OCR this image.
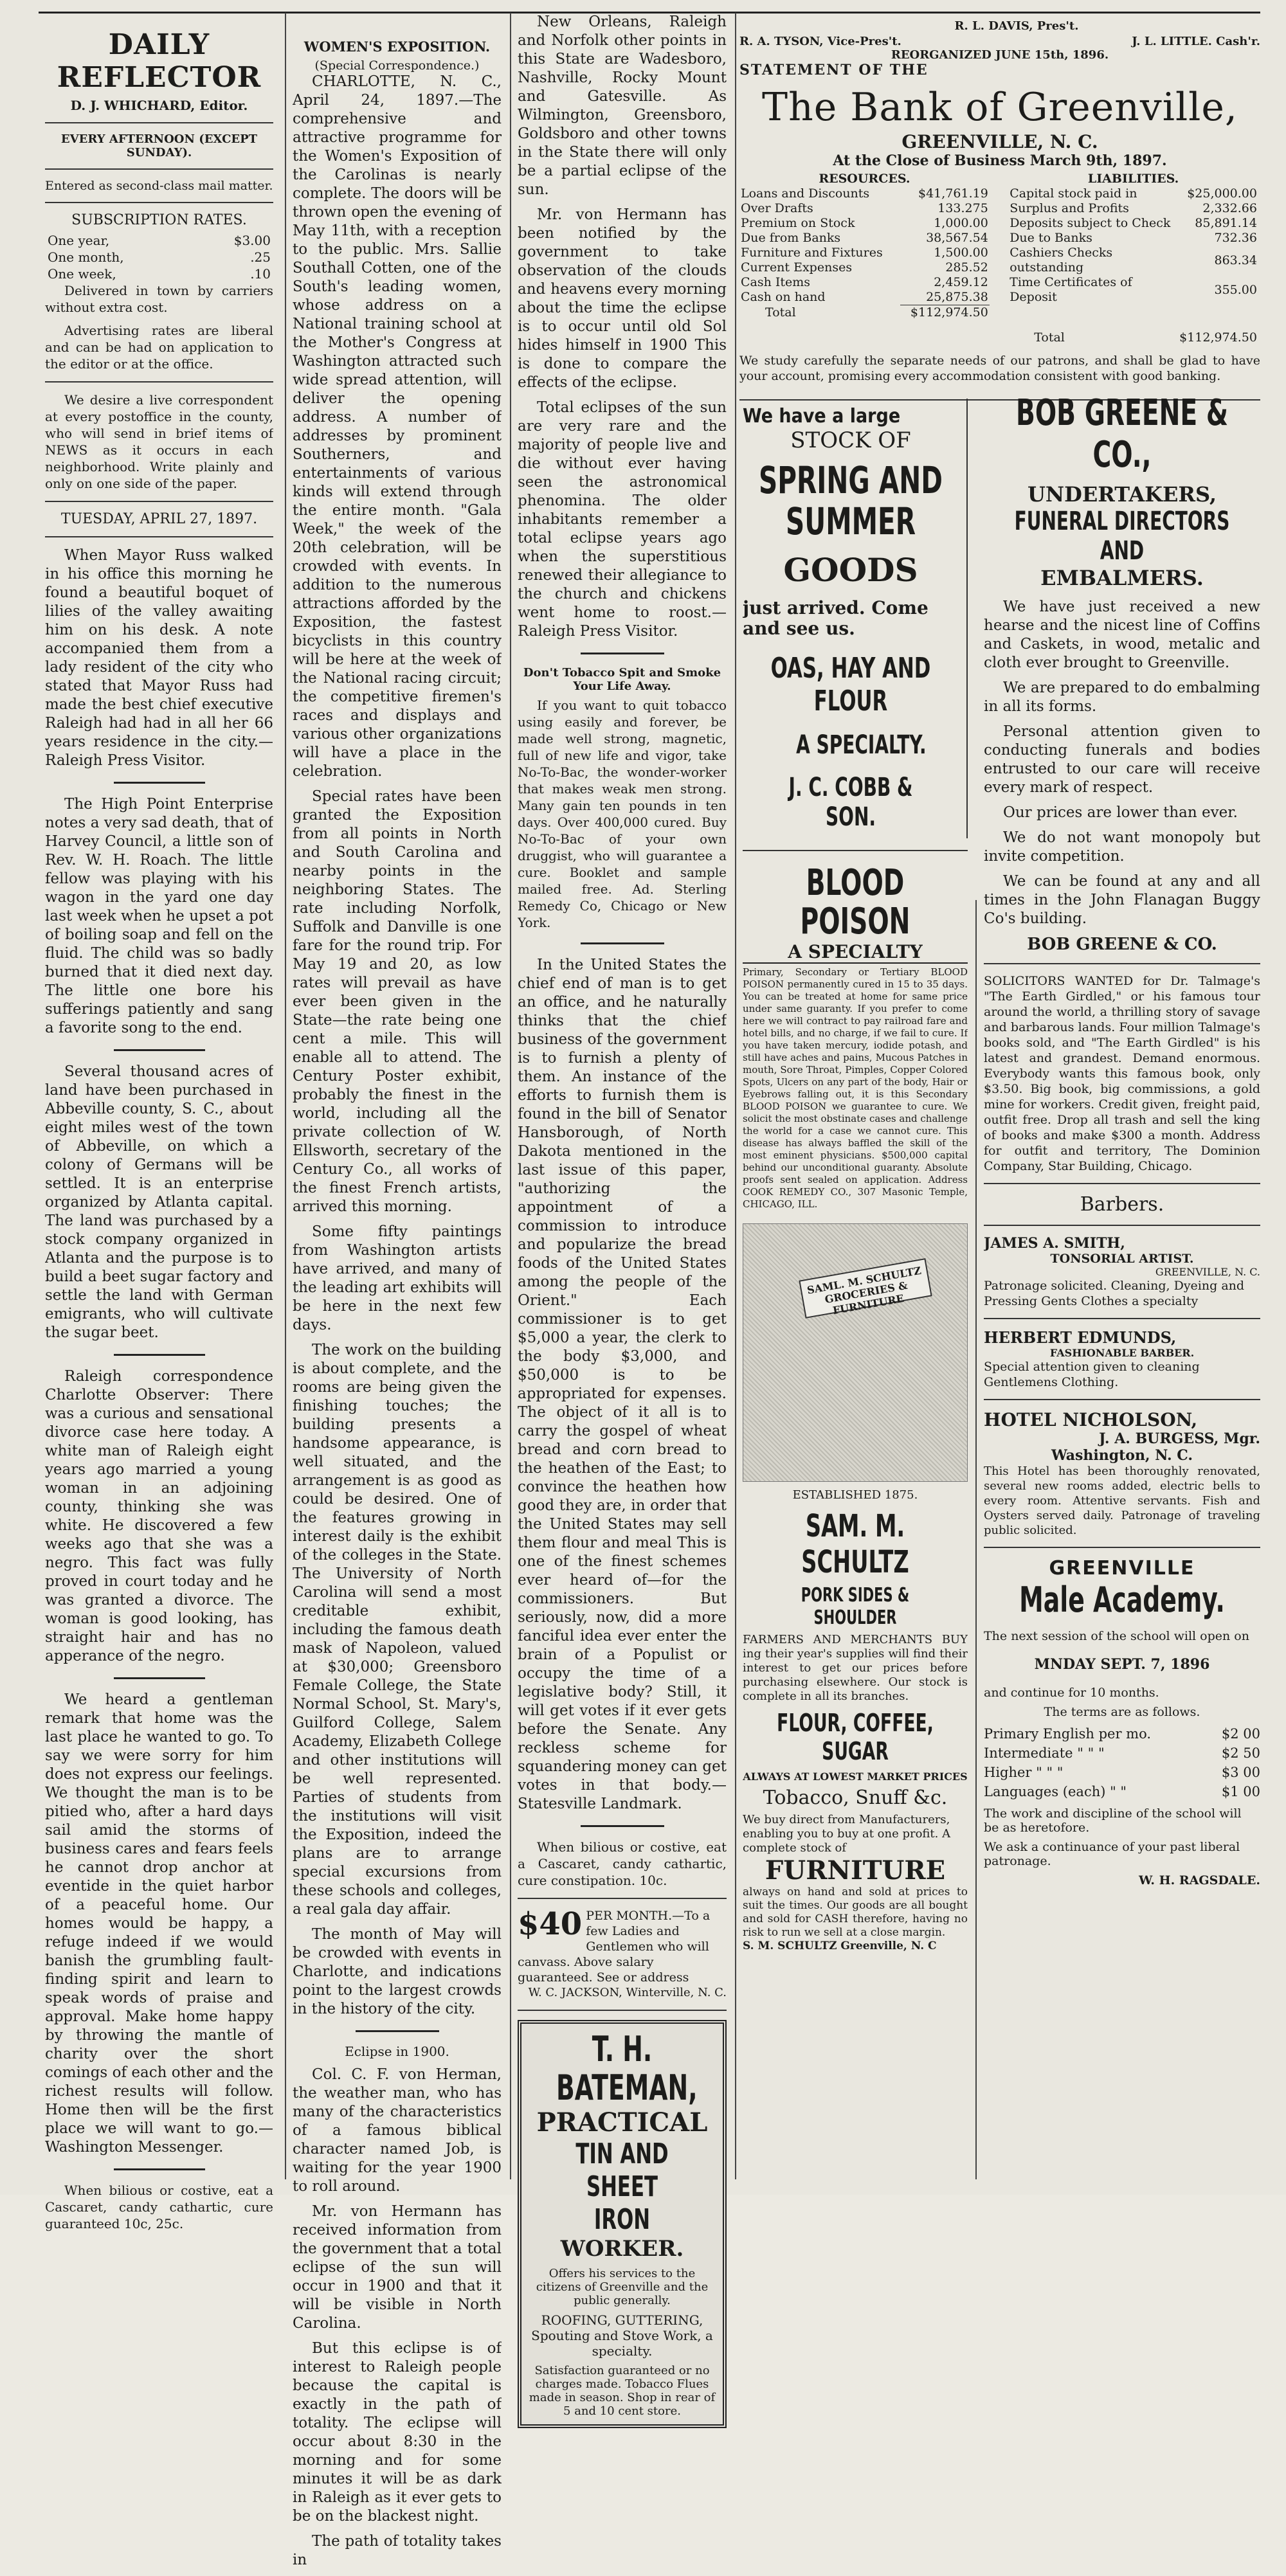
DAILY REFLECTOR
D. J. WHICHARD, Editor.
EVERY AFTERNOON (EXCEPT SUNDAY).
Entered as second-class mail matter.
SUBSCRIPTION RATES.
One year,	$3.00
One month,	.25
One week,	.10

Delivered in town by carriers without extra cost.

Advertising rates are liberal and can be had on application to the editor or at the office.

We desire a live correspondent at every postoffice in the county, who will send in brief items of NEWS as it occurs in each neighborhood. Write plainly and only on one side of the paper.

TUESDAY, APRIL 27, 1897.

When Mayor Russ walked in his office this morning he found a beautiful boquet of lilies of the valley awaiting him on his desk. A note accompanied them from a lady resident of the city who stated that Mayor Russ had made the best chief executive Raleigh had had in all her 66 years residence in the city.—Raleigh Press Visitor.

The High Point Enterprise notes a very sad death, that of Harvey Council, a little son of Rev. W. H. Roach. The little fellow was playing with his wagon in the yard one day last week when he upset a pot of boiling soap and fell on the fluid. The child was so badly burned that it died next day. The little one bore his sufferings patiently and sang a favorite song to the end.

Several thousand acres of land have been purchased in Abbeville county, S. C., about eight miles west of the town of Abbeville, on which a colony of Germans will be settled. It is an enterprise organized by Atlanta capital. The land was purchased by a stock company organized in Atlanta and the purpose is to build a beet sugar factory and settle the land with German emigrants, who will cultivate the sugar beet.

Raleigh correspondence Charlotte Observer: There was a curious and sensational divorce case here today. A white man of Raleigh eight years ago married a young woman in an adjoining county, thinking she was white. He discovered a few weeks ago that she was a negro. This fact was fully proved in court today and he was granted a divorce. The woman is good looking, has straight hair and has no apperance of the negro.

We heard a gentleman remark that home was the last place he wanted to go. To say we were sorry for him does not express our feelings. We thought the man is to be pitied who, after a hard days sail amid the storms of business cares and fears feels he cannot drop anchor at eventide in the quiet harbor of a peaceful home. Our homes would be happy, a refuge indeed if we would banish the grumbling fault-finding spirit and learn to speak words of praise and approval. Make home happy by throwing the mantle of charity over the short comings of each other and the richest results will follow. Home then will be the first place we will want to go.—Washington Messenger.

When bilious or costive, eat a Cascaret, candy cathartic, cure guaranteed 10c, 25c.

WOMEN'S EXPOSITION.
(Special Correspondence.)

CHARLOTTE, N. C., April 24, 1897.—The comprehensive and attractive programme for the Women's Exposition of the Carolinas is nearly complete. The doors will be thrown open the evening of May 11th, with a reception to the public. Mrs. Sallie Southall Cotten, one of the South's leading women, whose address on a National training school at the Mother's Congress at Washington attracted such wide spread attention, will deliver the opening address. A number of addresses by prominent Southerners, and entertainments of various kinds will extend through the entire month. "Gala Week," the week of the 20th celebration, will be crowded with events. In addition to the numerous attractions afforded by the Exposition, the fastest bicyclists in this country will be here at the week of the National racing circuit; the competitive firemen's races and displays and various other organizations will have a place in the celebration.

Special rates have been granted the Exposition from all points in North and South Carolina and nearby points in the neighboring States. The rate including Norfolk, Suffolk and Danville is one fare for the round trip. For May 19 and 20, as low rates will prevail as have ever been given in the State—the rate being one cent a mile. This will enable all to attend. The Century Poster exhibit, probably the finest in the world, including all the private collection of W. Ellsworth, secretary of the Century Co., all works of the finest French artists, arrived this morning.

Some fifty paintings from Washington artists have arrived, and many of the leading art exhibits will be here in the next few days.

The work on the building is about complete, and the rooms are being given the finishing touches; the building presents a handsome appearance, is well situated, and the arrangement is as good as could be desired. One of the features growing in interest daily is the exhibit of the colleges in the State. The University of North Carolina will send a most creditable exhibit, including the famous death mask of Napoleon, valued at $30,000; Greensboro Female College, the State Normal School, St. Mary's, Guilford College, Salem Academy, Elizabeth College and other institutions will be well represented. Parties of students from the institutions will visit the Exposition, indeed the plans are to arrange special excursions from these schools and colleges, a real gala day affair.

The month of May will be crowded with events in Charlotte, and indications point to the largest crowds in the history of the city.

Eclipse in 1900.

Col. C. F. von Herman, the weather man, who has many of the characteristics of a famous biblical character named Job, is waiting for the year 1900 to roll around.

Mr. von Hermann has received information from the government that a total eclipse of the sun will occur in 1900 and that it will be visible in North Carolina.

But this eclipse is of interest to Raleigh people because the capital is exactly in the path of totality. The eclipse will occur about 8:30 in the morning and for some minutes it will be as dark in Raleigh as it ever gets to be on the blackest night.

The path of totality takes in

New Orleans, Raleigh and Norfolk other points in this State are Wadesboro, Nashville, Rocky Mount and Gatesville. As Wilmington, Greensboro, Goldsboro and other towns in the State there will only be a partial eclipse of the sun.

Mr. von Hermann has been notified by the government to take observation of the clouds and heavens every morning about the time the eclipse is to occur until old Sol hides himself in 1900 This is done to compare the effects of the eclipse.

Total eclipses of the sun are very rare and the majority of people live and die without ever having seen the astronomical phenomina. The older inhabitants remember a total eclipse years ago when the superstitious renewed their allegiance to the church and chickens went home to roost.—Raleigh Press Visitor.

Don't Tobacco Spit and Smoke Your Life Away.

If you want to quit tobacco using easily and forever, be made well strong, magnetic, full of new life and vigor, take No-To-Bac, the wonder-worker that makes weak men strong. Many gain ten pounds in ten days. Over 400,000 cured. Buy No-To-Bac of your own druggist, who will guarantee a cure. Booklet and sample mailed free. Ad. Sterling Remedy Co, Chicago or New York.

In the United States the chief end of man is to get an office, and he naturally thinks that the chief business of the government is to furnish a plenty of them. An instance of the efforts to furnish them is found in the bill of Senator Hansborough, of North Dakota mentioned in the last issue of this paper, "authorizing the appointment of a commission to introduce and popularize the bread foods of the United States among the people of the Orient." Each commissioner is to get $5,000 a year, the clerk to the body $3,000, and $50,000 is to be appropriated for expenses. The object of it all is to carry the gospel of wheat bread and corn bread to the heathen of the East; to convince the heathen how good they are, in order that the United States may sell them flour and meal This is one of the finest schemes ever heard of—for the commissioners. But seriously, now, did a more fanciful idea ever enter the brain of a Populist or occupy the time of a legislative body? Still, it will get votes if it ever gets before the Senate. Any reckless scheme for squandering money can get votes in that body.—Statesville Landmark.

When bilious or costive, eat a Cascaret, candy cathartic, cure constipation. 10c.

$40 PER MONTH.—To a few Ladies and Gentlemen who will canvass. Above salary guaranteed. See or address
W. C. JACKSON, Winterville, N. C.
T. H. BATEMAN,
PRACTICAL
TIN AND SHEET IRON
WORKER.
Offers his services to the citizens of Greenville and the public generally.
ROOFING, GUTTERING, Spouting and Stove Work, a specialty.
Satisfaction guaranteed or no charges made. Tobacco Flues made in season. Shop in rear of 5 and 10 cent store.
R. A. TYSON, Vice-Pres't.
R. L. DAVIS, Pres't.
J. L. LITTLE. Cash'r.
REORGANIZED JUNE 15th, 1896.
STATEMENT OF THE
The Bank of Greenville,
GREENVILLE, N. C.
At the Close of Business March 9th, 1897.
RESOURCES.
Loans and Discounts	$41,761.19
Over Drafts	133.275
Premium on Stock	1,000.00
Due from Banks	38,567.54
Furniture and Fixtures	1,500.00
Current Expenses	285.52
Cash Items	2,459.12
Cash on hand	25,875.38
Total	$112,974.50

LIABILITIES.
Capital stock paid in	$25,000.00
Surplus and Profits	2,332.66
Deposits subject to Check	85,891.14
Due to Banks	732.36
Cashiers Checks outstanding	863.34
Time Certificates of Deposit	355.00
Total	$112,974.50
We study carefully the separate needs of our patrons, and shall be glad to have your account, promising every accommodation consistent with good banking.
We have a large
STOCK OF
SPRING AND SUMMER
GOODS
just arrived. Come and see us.
OAS, HAY AND FLOUR
A SPECIALTY.
J. C. COBB & SON.
BLOOD POISON
A SPECIALTY
Primary, Secondary or Tertiary BLOOD POISON permanently cured in 15 to 35 days. You can be treated at home for same price under same guaranty. If you prefer to come here we will contract to pay railroad fare and hotel bills, and no charge, if we fail to cure. If you have taken mercury, iodide potash, and still have aches and pains, Mucous Patches in mouth, Sore Throat, Pimples, Copper Colored Spots, Ulcers on any part of the body, Hair or Eyebrows falling out, it is this Secondary BLOOD POISON we guarantee to cure. We solicit the most obstinate cases and challenge the world for a case we cannot cure. This disease has always baffled the skill of the most eminent physicians. $500,000 capital behind our unconditional guaranty. Absolute proofs sent sealed on application. Address COOK REMEDY CO., 307 Masonic Temple, CHICAGO, ILL.
SAML. M. SCHULTZ GROCERIES & FURNITURE
ESTABLISHED 1875.
SAM. M. SCHULTZ
PORK SIDES & SHOULDER
FARMERS AND MERCHANTS BUY ing their year's supplies will find their interest to get our prices before purchasing elsewhere. Our stock is complete in all its branches.
FLOUR, COFFEE, SUGAR
ALWAYS AT LOWEST MARKET PRICES
Tobacco, Snuff &c.
We buy direct from Manufacturers, enabling you to buy at one profit. A complete stock of
FURNITURE
always on hand and sold at prices to suit the times. Our goods are all bought and sold for CASH therefore, having no risk to run we sell at a close margin.
S. M. SCHULTZ Greenville, N. C
BOB GREENE & CO.,
UNDERTAKERS,
FUNERAL DIRECTORS AND
EMBALMERS.

We have just received a new hearse and the nicest line of Coffins and Caskets, in wood, metalic and cloth ever brought to Greenville.

We are prepared to do embalming in all its forms.

Personal attention given to conducting funerals and bodies entrusted to our care will receive every mark of respect.

Our prices are lower than ever.

We do not want monopoly but invite competition.

We can be found at any and all times in the John Flanagan Buggy Co's building.

BOB GREENE & CO.
SOLICITORS WANTED for Dr. Talmage's "The Earth Girdled," or his famous tour around the world, a thrilling story of savage and barbarous lands. Four million Talmage's books sold, and "The Earth Girdled" is his latest and grandest. Demand enormous. Everybody wants this famous book, only $3.50. Big book, big commissions, a gold mine for workers. Credit given, freight paid, outfit free. Drop all trash and sell the king of books and make $300 a month. Address for outfit and territory, The Dominion Company, Star Building, Chicago.
Barbers.
JAMES A. SMITH,
TONSORIAL ARTIST.
GREENVILLE, N. C.
Patronage solicited. Cleaning, Dyeing and Pressing Gents Clothes a specialty
HERBERT EDMUNDS,
FASHIONABLE BARBER.
Special attention given to cleaning Gentlemens Clothing.
HOTEL NICHOLSON,
J. A. BURGESS, Mgr.
Washington, N. C.
This Hotel has been thoroughly renovated, several new rooms added, electric bells to every room. Attentive servants. Fish and Oysters served daily. Patronage of traveling public solicited.
GREENVILLE
Male Academy.
The next session of the school will open on
MNDAY SEPT. 7, 1896
and continue for 10 months.
The terms are as follows.
Primary English per mo.	$2 00
Intermediate " " "	$2 50
Higher " " "	$3 00
Languages (each) " "	$1 00
The work and discipline of the school will be as heretofore.
We ask a continuance of your past liberal patronage.
W. H. RAGSDALE.
